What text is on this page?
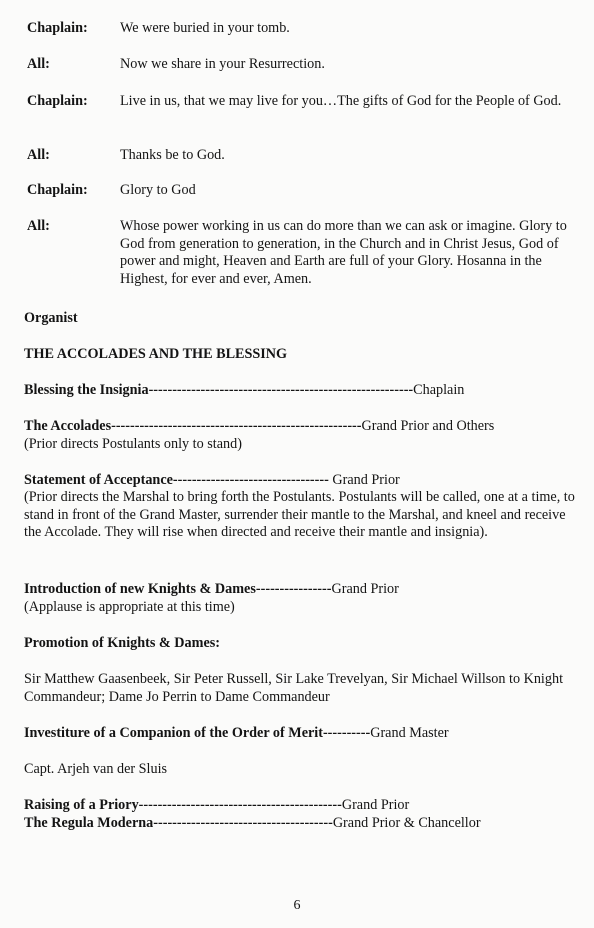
Chaplain:	We were buried in your tomb.
All:	Now we share in your Resurrection.
Chaplain:	Live in us, that we may live for you…The gifts of God for the People of God.
All:	Thanks be to God.
Chaplain:	Glory to God
All:	Whose power working in us can do more than we can ask or imagine. Glory to God from generation to generation, in the Church and in Christ Jesus, God of power and might, Heaven and Earth are full of your Glory. Hosanna in the Highest, for ever and ever, Amen.
Organist
THE ACCOLADES AND THE BLESSING
Blessing the Insignia--------------------------------------------------------Chaplain
The Accolades-----------------------------------------------------Grand Prior and Others
(Prior directs Postulants only to stand)
Statement of Acceptance--------------------------------- Grand Prior
(Prior directs the Marshal to bring forth the Postulants. Postulants will be called, one at a time, to stand in front of the Grand Master, surrender their mantle to the Marshal, and kneel and receive the Accolade. They will rise when directed and receive their mantle and insignia).
Introduction of new Knights & Dames----------------Grand Prior
(Applause is appropriate at this time)
Promotion of Knights & Dames:
Sir Matthew Gaasenbeek, Sir Peter Russell, Sir Lake Trevelyan, Sir Michael Willson to Knight Commandeur; Dame Jo Perrin to Dame Commandeur
Investiture of a Companion of the Order of Merit----------Grand Master
Capt. Arjeh van der Sluis
Raising of a Priory-------------------------------------------Grand Prior
The Regula Moderna--------------------------------------Grand Prior & Chancellor
6
